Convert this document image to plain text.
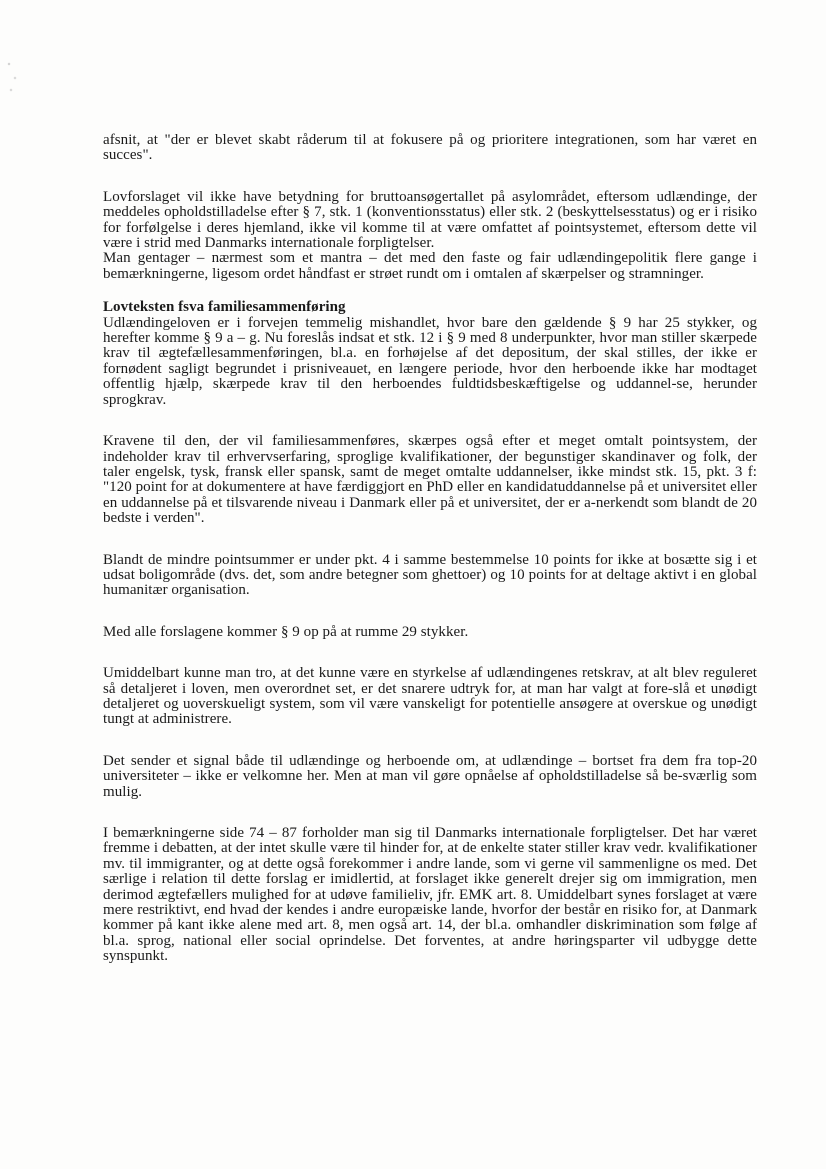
afsnit, at "der er blevet skabt råderum til at fokusere på og prioritere integrationen, som har været en succes".

Lovforslaget vil ikke have betydning for bruttoansøgertallet på asylområdet, eftersom udlændinge, der meddeles opholdstilladelse efter § 7, stk. 1 (konventionsstatus) eller stk. 2 (beskyttelsesstatus) og er i risiko for forfølgelse i deres hjemland, ikke vil komme til at være omfattet af pointsystemet, eftersom dette vil være i strid med Danmarks internationale forpligtelser.

Man gentager – nærmest som et mantra – det med den faste og fair udlændingepolitik flere gange i bemærkningerne, ligesom ordet håndfast er strøet rundt om i omtalen af skærpelser og stramninger.

Lovteksten fsva familiesammenføring

Udlændingeloven er i forvejen temmelig mishandlet, hvor bare den gældende § 9 har 25 stykker, og herefter komme § 9 a – g. Nu foreslås indsat et stk. 12 i § 9 med 8 underpunkter, hvor man stiller skærpede krav til ægtefællesammenføringen, bl.a. en forhøjelse af det depositum, der skal stilles, der ikke er fornødent sagligt begrundet i prisniveauet, en længere periode, hvor den herboende ikke har modtaget offentlig hjælp, skærpede krav til den herboendes fuldtidsbeskæftigelse og uddannel-se, herunder sprogkrav.

Kravene til den, der vil familiesammenføres, skærpes også efter et meget omtalt pointsystem, der indeholder krav til erhvervserfaring, sproglige kvalifikationer, der begunstiger skandinaver og folk, der taler engelsk, tysk, fransk eller spansk, samt de meget omtalte uddannelser, ikke mindst stk. 15, pkt. 3 f: "120 point for at dokumentere at have færdiggjort en PhD eller en kandidatuddannelse på et universitet eller en uddannelse på et tilsvarende niveau i Danmark eller på et universitet, der er a-nerkendt som blandt de 20 bedste i verden".

Blandt de mindre pointsummer er under pkt. 4 i samme bestemmelse 10 points for ikke at bosætte sig i et udsat boligområde (dvs. det, som andre betegner som ghettoer) og 10 points for at deltage aktivt i en global humanitær organisation.

Med alle forslagene kommer § 9 op på at rumme 29 stykker.

Umiddelbart kunne man tro, at det kunne være en styrkelse af udlændingenes retskrav, at alt blev reguleret så detaljeret i loven, men overordnet set, er det snarere udtryk for, at man har valgt at fore-slå et unødigt detaljeret og uoverskueligt system, som vil være vanskeligt for potentielle ansøgere at overskue og unødigt tungt at administrere.

Det sender et signal både til udlændinge og herboende om, at udlændinge – bortset fra dem fra top-20 universiteter – ikke er velkomne her. Men at man vil gøre opnåelse af opholdstilladelse så be-sværlig som mulig.

I bemærkningerne side 74 – 87 forholder man sig til Danmarks internationale forpligtelser. Det har været fremme i debatten, at der intet skulle være til hinder for, at de enkelte stater stiller krav vedr. kvalifikationer mv. til immigranter, og at dette også forekommer i andre lande, som vi gerne vil sammenligne os med. Det særlige i relation til dette forslag er imidlertid, at forslaget ikke generelt drejer sig om immigration, men derimod ægtefællers mulighed for at udøve familieliv, jfr. EMK art. 8. Umiddelbart synes forslaget at være mere restriktivt, end hvad der kendes i andre europæiske lande, hvorfor der består en risiko for, at Danmark kommer på kant ikke alene med art. 8, men også art. 14, der bl.a. omhandler diskrimination som følge af bl.a. sprog, national eller social oprindelse. Det forventes, at andre høringsparter vil udbygge dette synspunkt.
